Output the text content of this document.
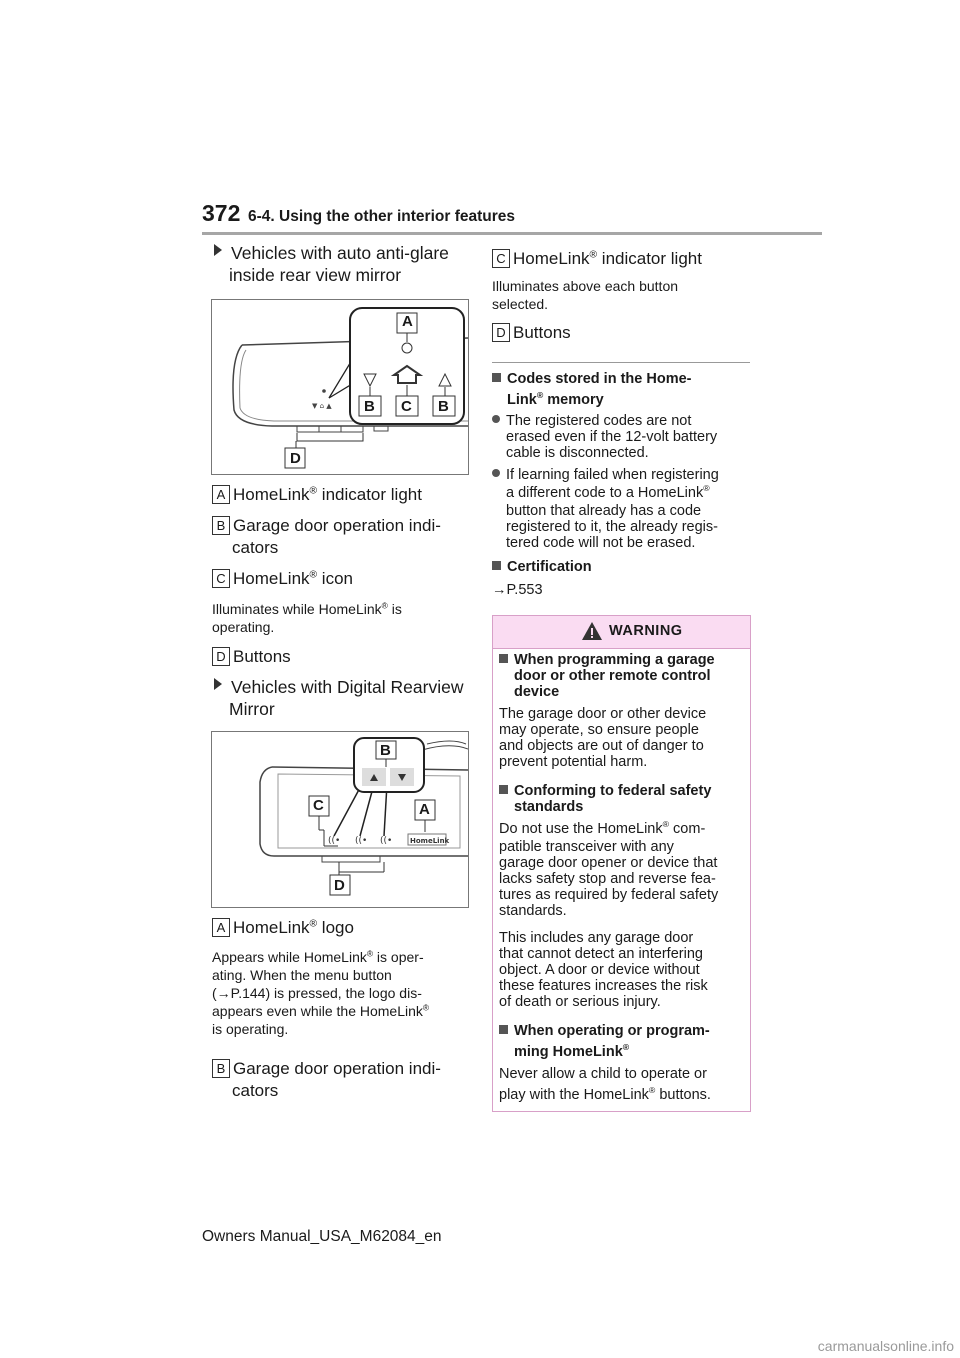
372 6-4. Using the other interior features
Vehicles with auto anti-glare
inside rear view mirror
▼ ⌂ ▲
A
B C B
D
A HomeLink® indicator light
B Garage door operation indi-
cators
C HomeLink® icon
Illuminates while HomeLink® is
operating.
D Buttons
Vehicles with Digital Rearview
Mirror
((• ((• ((•	HomeLink
B
C	A
D
A HomeLink® logo
Appears while HomeLink® is oper-
ating. When the menu button
(→P.144) is pressed, the logo dis-
appears even while the HomeLink®
is operating.
B Garage door operation indi-
cators
C HomeLink® indicator light
Illuminates above each button
selected.
D Buttons
Codes stored in the Home-
Link® memory
The registered codes are not
erased even if the 12-volt battery
cable is disconnected.
If learning failed when registering
a different code to a HomeLink®
button that already has a code
registered to it, the already regis-
tered code will not be erased.
Certification
→P.553
WARNING
When programming a garage
door or other remote control
device
The garage door or other device
may operate, so ensure people
and objects are out of danger to
prevent potential harm.
Conforming to federal safety
standards
Do not use the HomeLink® com-
patible transceiver with any
garage door opener or device that
lacks safety stop and reverse fea-
tures as required by federal safety
standards.
This includes any garage door
that cannot detect an interfering
object. A door or device without
these features increases the risk
of death or serious injury.
When operating or program-
ming HomeLink®
Never allow a child to operate or
play with the HomeLink® buttons.
Owners Manual_USA_M62084_en
carmanualsonline.info
